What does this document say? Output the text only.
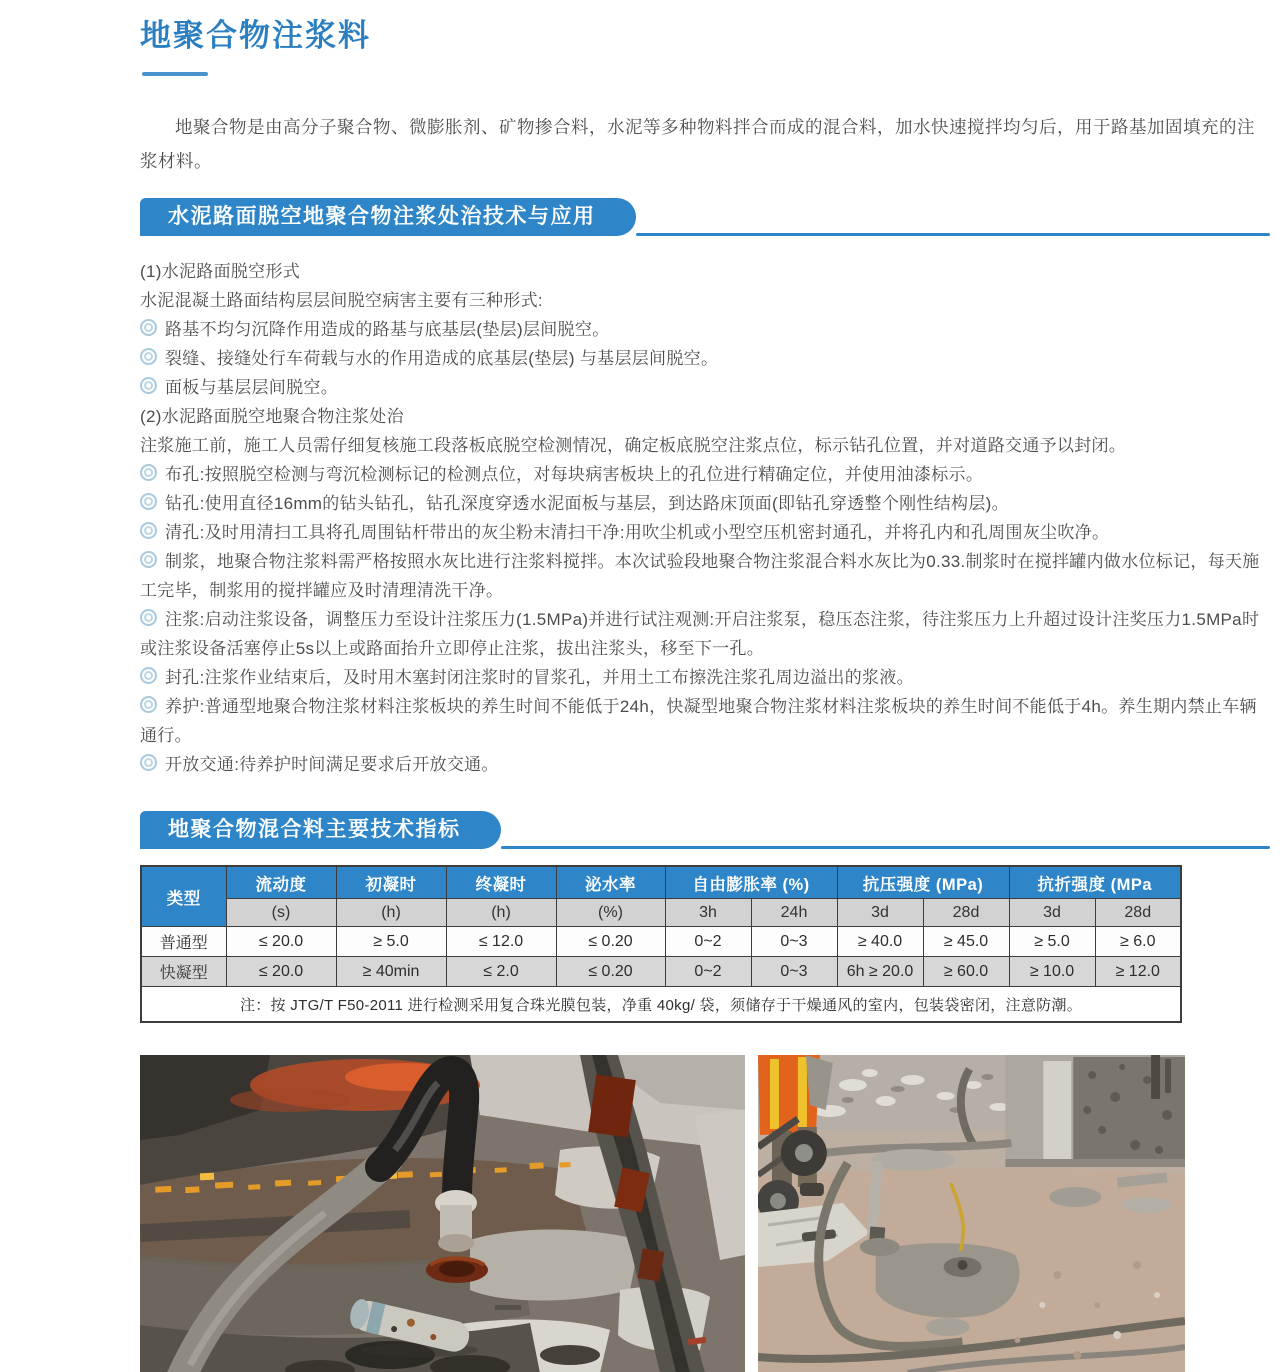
地聚合物注浆料

地聚合物是由高分子聚合物、微膨胀剂、矿物掺合料，水泥等多种物料拌合而成的混合料，加水快速搅拌均匀后，用于路基加固填充的注浆材料。

水泥路面脱空地聚合物注浆处治技术与应用
(1)水泥路面脱空形式
水泥混凝土路面结构层层间脱空病害主要有三种形式:
路基不均匀沉降作用造成的路基与底基层(垫层)层间脱空。
裂缝、接缝处行车荷载与水的作用造成的底基层(垫层) 与基层层间脱空。
面板与基层层间脱空。
(2)水泥路面脱空地聚合物注浆处治
注浆施工前，施工人员需仔细复核施工段落板底脱空检测情况，确定板底脱空注浆点位，标示钻孔位置，并对道路交通予以封闭。
布孔:按照脱空检测与弯沉检测标记的检测点位，对每块病害板块上的孔位进行精确定位，并使用油漆标示。
钻孔:使用直径16mm的钻头钻孔，钻孔深度穿透水泥面板与基层，到达路床顶面(即钻孔穿透整个刚性结构层)。
清孔:及时用清扫工具将孔周围钻杆带出的灰尘粉末清扫干净:用吹尘机或小型空压机密封通孔，并将孔内和孔周围灰尘吹净。
制浆，地聚合物注浆料需严格按照水灰比进行注浆料搅拌。本次试验段地聚合物注浆混合料水灰比为0.33.制浆时在搅拌罐内做水位标记，每天施工完毕，制浆用的搅拌罐应及时清理清洗干净。
注浆:启动注浆设备，调整压力至设计注浆压力(1.5MPa)并进行试注观测:开启注浆泵，稳压态注浆，待注浆压力上升超过设计注奖压力1.5MPa时或注浆设备活塞停止5s以上或路面抬升立即停止注浆，拔出注浆头，移至下一孔。
封孔:注浆作业结束后，及时用木塞封闭注浆时的冒浆孔，并用土工布擦洗注浆孔周边溢出的浆液。
养护:普通型地聚合物注浆材料注浆板块的养生时间不能低于24h，快凝型地聚合物注浆材料注浆板块的养生时间不能低于4h。养生期内禁止车辆通行。
开放交通:待养护时间满足要求后开放交通。
地聚合物混合料主要技术指标
类型	流动度	初凝时	终凝时	泌水率	自由膨胀率 (%)		抗压强度 (MPa)		抗折强度 (MPa	
	(s)	(h)	(h)	(%)	3h	24h	3d	28d	3d	28d
普通型	≤ 20.0	≥ 5.0	≤ 12.0	≤ 0.20	0~2	0~3	≥ 40.0	≥ 45.0	≥ 5.0	≥ 6.0
快凝型	≤ 20.0	≥ 40min	≤ 2.0	≤ 0.20	0~2	0~3	6h ≥ 20.0	≥ 60.0	≥ 10.0	≥ 12.0
注：按 JTG/T F50-2011 进行检测采用复合珠光膜包装，净重 40kg/ 袋，须储存于干燥通风的室内，包装袋密闭，注意防潮。										
